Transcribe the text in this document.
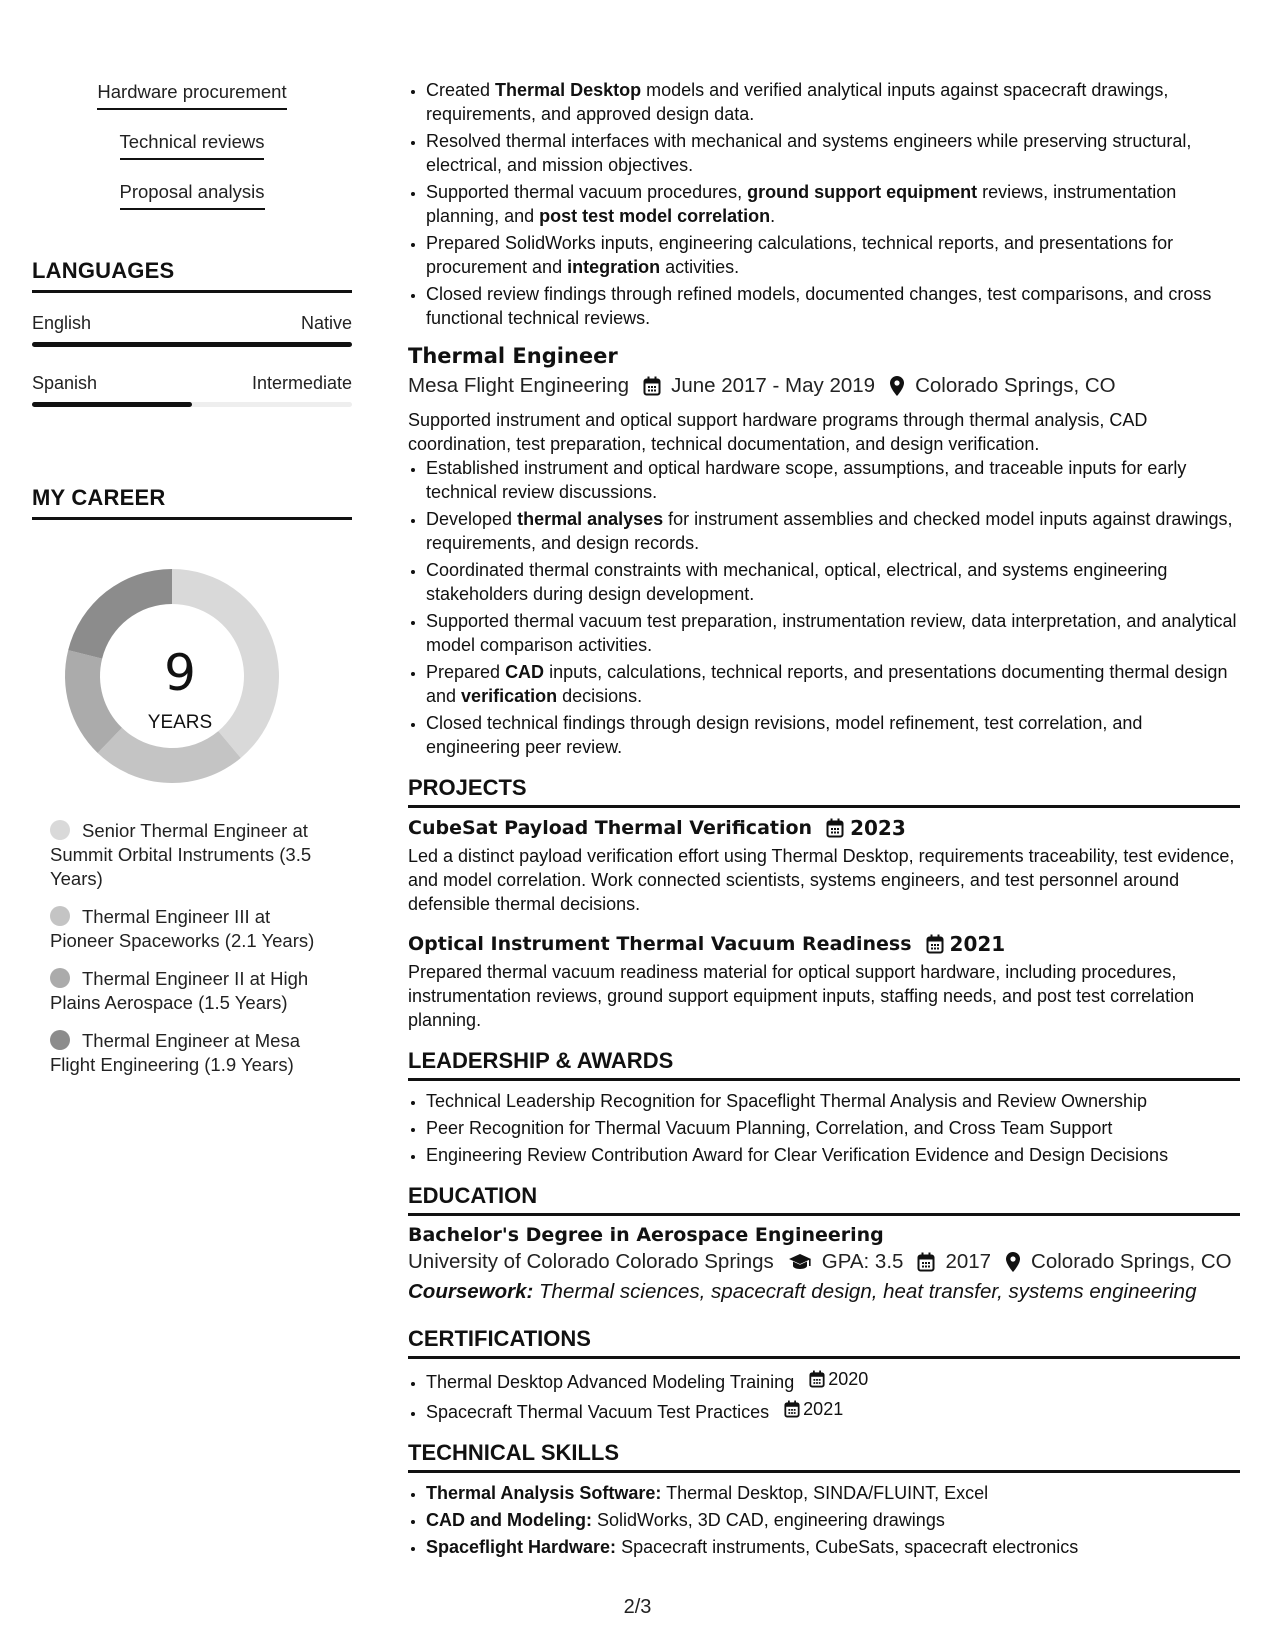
Hardware procurement
Technical reviews
Proposal analysis
LANGUAGES
English	Native
Spanish	Intermediate
MY CAREER
9
YEARS
Senior Thermal Engineer at Summit Orbital Instruments (3.5 Years)
Thermal Engineer III at Pioneer Spaceworks (2.1 Years)
Thermal Engineer II at High Plains Aerospace (1.5 Years)
Thermal Engineer at Mesa Flight Engineering (1.9 Years)
• Created Thermal Desktop models and verified analytical inputs against spacecraft drawings, requirements, and approved design data.
• Resolved thermal interfaces with mechanical and systems engineers while preserving structural, electrical, and mission objectives.
• Supported thermal vacuum procedures, ground support equipment reviews, instrumentation planning, and post test model correlation.
• Prepared SolidWorks inputs, engineering calculations, technical reports, and presentations for procurement and integration activities.
• Closed review findings through refined models, documented changes, test comparisons, and cross functional technical reviews.
Thermal Engineer
Mesa Flight Engineering June 2017 - May 2019 Colorado Springs, CO
Supported instrument and optical support hardware programs through thermal analysis, CAD coordination, test preparation, technical documentation, and design verification.
• Established instrument and optical hardware scope, assumptions, and traceable inputs for early technical review discussions.
• Developed thermal analyses for instrument assemblies and checked model inputs against drawings, requirements, and design records.
• Coordinated thermal constraints with mechanical, optical, electrical, and systems engineering stakeholders during design development.
• Supported thermal vacuum test preparation, instrumentation review, data interpretation, and analytical model comparison activities.
• Prepared CAD inputs, calculations, technical reports, and presentations documenting thermal design and verification decisions.
• Closed technical findings through design revisions, model refinement, test correlation, and engineering peer review.
PROJECTS
CubeSat Payload Thermal Verification 2023
Led a distinct payload verification effort using Thermal Desktop, requirements traceability, test evidence, and model correlation. Work connected scientists, systems engineers, and test personnel around defensible thermal decisions.
Optical Instrument Thermal Vacuum Readiness 2021
Prepared thermal vacuum readiness material for optical support hardware, including procedures, instrumentation reviews, ground support equipment inputs, staffing needs, and post test correlation planning.
LEADERSHIP & AWARDS
• Technical Leadership Recognition for Spaceflight Thermal Analysis and Review Ownership
• Peer Recognition for Thermal Vacuum Planning, Correlation, and Cross Team Support
• Engineering Review Contribution Award for Clear Verification Evidence and Design Decisions
EDUCATION
Bachelor's Degree in Aerospace Engineering
University of Colorado Colorado Springs GPA: 3.5 2017 Colorado Springs, CO
Coursework: Thermal sciences, spacecraft design, heat transfer, systems engineering
CERTIFICATIONS
• Thermal Desktop Advanced Modeling Training 2020
• Spacecraft Thermal Vacuum Test Practices 2021
TECHNICAL SKILLS
• Thermal Analysis Software: Thermal Desktop, SINDA/FLUINT, Excel
• CAD and Modeling: SolidWorks, 3D CAD, engineering drawings
• Spaceflight Hardware: Spacecraft instruments, CubeSats, spacecraft electronics
2/3
